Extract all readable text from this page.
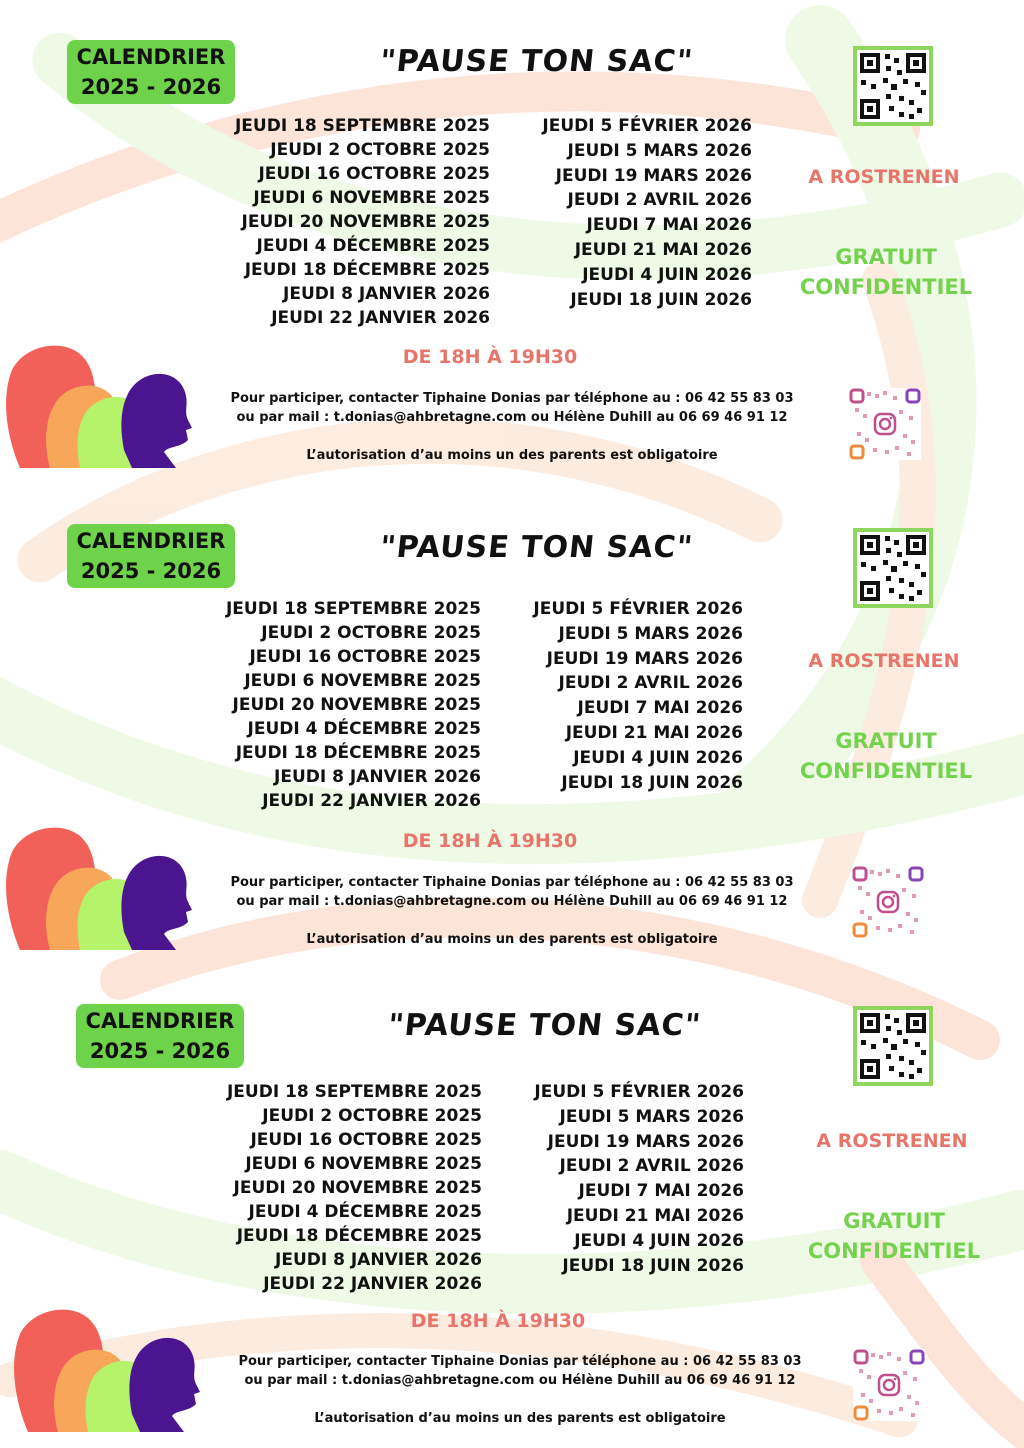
CALENDRIER
2025 - 2026
"PAUSE TON SAC"
JEUDI 18 SEPTEMBRE 2025
JEUDI 2 OCTOBRE 2025
JEUDI 16 OCTOBRE 2025
JEUDI 6 NOVEMBRE 2025
JEUDI 20 NOVEMBRE 2025
JEUDI 4 DÉCEMBRE 2025
JEUDI 18 DÉCEMBRE 2025
JEUDI 8 JANVIER 2026
JEUDI 22 JANVIER 2026
JEUDI 5 FÉVRIER 2026
JEUDI 5 MARS 2026
JEUDI 19 MARS 2026
JEUDI 2 AVRIL 2026
JEUDI 7 MAI 2026
JEUDI 21 MAI 2026
JEUDI 4 JUIN 2026
JEUDI 18 JUIN 2026
A ROSTRENEN
GRATUIT
CONFIDENTIEL
DE 18H À 19H30
Pour participer, contacter Tiphaine Donias par téléphone au : 06 42 55 83 03
ou par mail : t.donias@ahbretagne.com ou Hélène Duhill au 06 69 46 91 12
L’autorisation d’au moins un des parents est obligatoire
CALENDRIER
2025 - 2026
"PAUSE TON SAC"
JEUDI 18 SEPTEMBRE 2025
JEUDI 2 OCTOBRE 2025
JEUDI 16 OCTOBRE 2025
JEUDI 6 NOVEMBRE 2025
JEUDI 20 NOVEMBRE 2025
JEUDI 4 DÉCEMBRE 2025
JEUDI 18 DÉCEMBRE 2025
JEUDI 8 JANVIER 2026
JEUDI 22 JANVIER 2026
JEUDI 5 FÉVRIER 2026
JEUDI 5 MARS 2026
JEUDI 19 MARS 2026
JEUDI 2 AVRIL 2026
JEUDI 7 MAI 2026
JEUDI 21 MAI 2026
JEUDI 4 JUIN 2026
JEUDI 18 JUIN 2026
A ROSTRENEN
GRATUIT
CONFIDENTIEL
DE 18H À 19H30
Pour participer, contacter Tiphaine Donias par téléphone au : 06 42 55 83 03
ou par mail : t.donias@ahbretagne.com ou Hélène Duhill au 06 69 46 91 12
L’autorisation d’au moins un des parents est obligatoire
CALENDRIER
2025 - 2026
"PAUSE TON SAC"
JEUDI 18 SEPTEMBRE 2025
JEUDI 2 OCTOBRE 2025
JEUDI 16 OCTOBRE 2025
JEUDI 6 NOVEMBRE 2025
JEUDI 20 NOVEMBRE 2025
JEUDI 4 DÉCEMBRE 2025
JEUDI 18 DÉCEMBRE 2025
JEUDI 8 JANVIER 2026
JEUDI 22 JANVIER 2026
JEUDI 5 FÉVRIER 2026
JEUDI 5 MARS 2026
JEUDI 19 MARS 2026
JEUDI 2 AVRIL 2026
JEUDI 7 MAI 2026
JEUDI 21 MAI 2026
JEUDI 4 JUIN 2026
JEUDI 18 JUIN 2026
A ROSTRENEN
GRATUIT
CONFIDENTIEL
DE 18H À 19H30
Pour participer, contacter Tiphaine Donias par téléphone au : 06 42 55 83 03
ou par mail : t.donias@ahbretagne.com ou Hélène Duhill au 06 69 46 91 12
L’autorisation d’au moins un des parents est obligatoire
